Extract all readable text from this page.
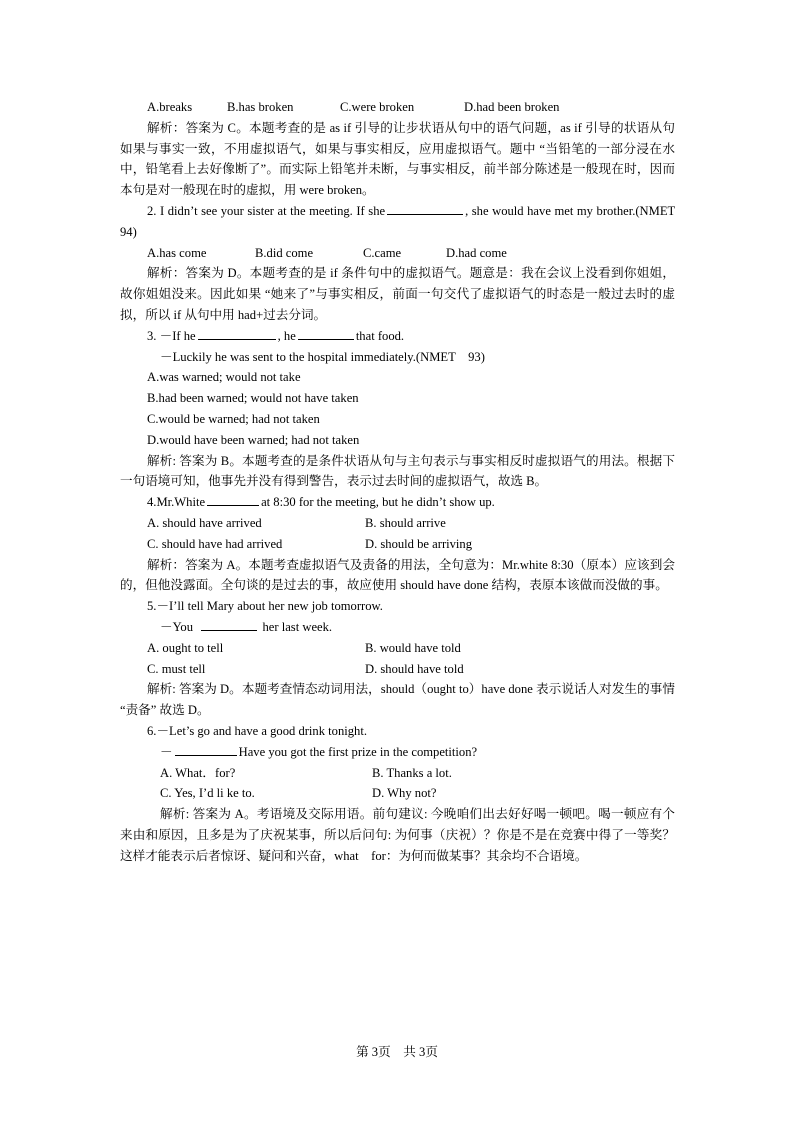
A.breaks	B.has broken	C.were broken	D.had been broken
解析：答案为 C。本题考查的是 as if 引导的让步状语从句中的语气问题，as if 引导的状语从句如果与事实一致，不用虚拟语气，如果与事实相反，应用虚拟语气。题中 “当铅笔的一部分浸在水中，铅笔看上去好像断了”。而实际上铅笔并未断，与事实相反，前半部分陈述是一般现在时，因而本句是对一般现在时的虚拟，用 were broken。
2. I didn’t see your sister at the meeting. If she	, she would have met my brother.(NMET　94)
A.has come	B.did come	C.came	D.had come
解析：答案为 D。本题考查的是 if 条件句中的虚拟语气。题意是：我在会议上没看到你姐姐，故你姐姐没来。因此如果 “她来了”与事实相反，前面一句交代了虚拟语气的时态是一般过去时的虚拟，所以 if 从句中用 had+过去分词。
3. －If he	, he	that food.
－Luckily he was sent to the hospital immediately.(NMET　93)
A.was warned; would not take
B.had been warned; would not have taken
C.would be warned; had not taken
D.would have been warned; had not taken
解析: 答案为 B。本题考查的是条件状语从句与主句表示与事实相反时虚拟语气的用法。根据下一句语境可知，他事先并没有得到警告，表示过去时间的虚拟语气，故选 B。
4.Mr.White	at 8:30 for the meeting, but he didn’t show up.
A. should have arrived	B. should arrive
C. should have had arrived	D. should be arriving
解析：答案为 A。本题考查虚拟语气及责备的用法，全句意为：Mr.white 8:30（原本）应该到会的，但他没露面。全句谈的是过去的事，故应使用 should have done 结构，表原本该做而没做的事。
5.－I’ll tell Mary about her new job tomorrow.
－You	her last week.
A. ought to tell	B. would have told
C. must tell	D. should have told
解析: 答案为 D。本题考查情态动词用法，should（ought to）have done 表示说话人对发生的事情 “责备” 故选 D。
6.－Let’s go and have a good drink tonight.
－	Have you got the first prize in the competition?
A. What．for?	B. Thanks a lot.
C. Yes, I’d li ke to.	D. Why not?
解析: 答案为 A。考语境及交际用语。前句建议: 今晚咱们出去好好喝一顿吧。喝一顿应有个来由和原因，且多是为了庆祝某事，所以后问句: 为何事（庆祝）？你是不是在竞赛中得了一等奖？这样才能表示后者惊讶、疑问和兴奋，what　for：为何而做某事？其余均不合语境。
第 3页　共 3页
